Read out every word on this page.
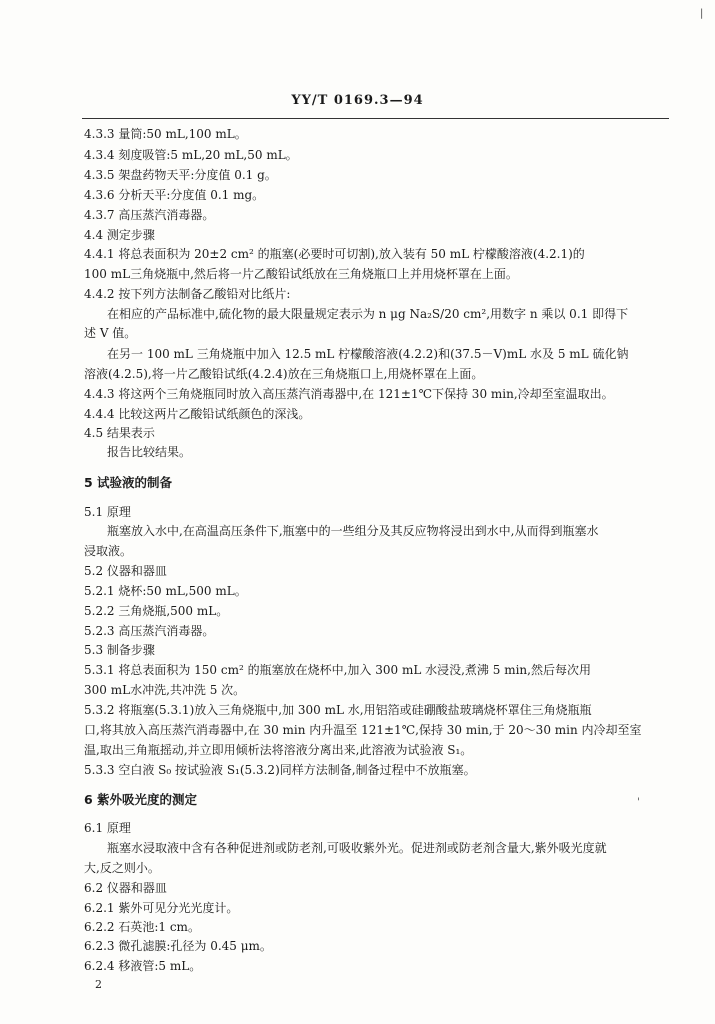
YY/T 0169.3—94
|
'
4.3.3 量筒:50 mL,100 mL。
4.3.4 刻度吸管:5 mL,20 mL,50 mL。
4.3.5 架盘药物天平:分度值 0.1 g。
4.3.6 分析天平:分度值 0.1 mg。
4.3.7 高压蒸汽消毒器。
4.4 测定步骤
4.4.1 将总表面积为 20±2 cm² 的瓶塞(必要时可切割),放入装有 50 mL 柠檬酸溶液(4.2.1)的
100 mL三角烧瓶中,然后将一片乙酸铅试纸放在三角烧瓶口上并用烧杯罩在上面。
4.4.2 按下列方法制备乙酸铅对比纸片:
在相应的产品标准中,硫化物的最大限量规定表示为 n μg Na₂S/20 cm²,用数字 n 乘以 0.1 即得下
述 V 值。
在另一 100 mL 三角烧瓶中加入 12.5 mL 柠檬酸溶液(4.2.2)和(37.5－V)mL 水及 5 mL 硫化钠
溶液(4.2.5),将一片乙酸铅试纸(4.2.4)放在三角烧瓶口上,用烧杯罩在上面。
4.4.3 将这两个三角烧瓶同时放入高压蒸汽消毒器中,在 121±1℃下保持 30 min,冷却至室温取出。
4.4.4 比较这两片乙酸铅试纸颜色的深浅。
4.5 结果表示
报告比较结果。
5 试验液的制备
5.1 原理
瓶塞放入水中,在高温高压条件下,瓶塞中的一些组分及其反应物将浸出到水中,从而得到瓶塞水
浸取液。
5.2 仪器和器皿
5.2.1 烧杯:50 mL,500 mL。
5.2.2 三角烧瓶,500 mL。
5.2.3 高压蒸汽消毒器。
5.3 制备步骤
5.3.1 将总表面积为 150 cm² 的瓶塞放在烧杯中,加入 300 mL 水浸没,煮沸 5 min,然后每次用
300 mL水冲洗,共冲洗 5 次。
5.3.2 将瓶塞(5.3.1)放入三角烧瓶中,加 300 mL 水,用铝箔或硅硼酸盐玻璃烧杯罩住三角烧瓶瓶
口,将其放入高压蒸汽消毒器中,在 30 min 内升温至 121±1℃,保持 30 min,于 20～30 min 内冷却至室
温,取出三角瓶摇动,并立即用倾析法将溶液分离出来,此溶液为试验液 S₁。
5.3.3 空白液 S₀ 按试验液 S₁(5.3.2)同样方法制备,制备过程中不放瓶塞。
6 紫外吸光度的测定
6.1 原理
瓶塞水浸取液中含有各种促进剂或防老剂,可吸收紫外光。促进剂或防老剂含量大,紫外吸光度就
大,反之则小。
6.2 仪器和器皿
6.2.1 紫外可见分光光度计。
6.2.2 石英池:1 cm。
6.2.3 微孔滤膜:孔径为 0.45 μm。
6.2.4 移液管:5 mL。
2
